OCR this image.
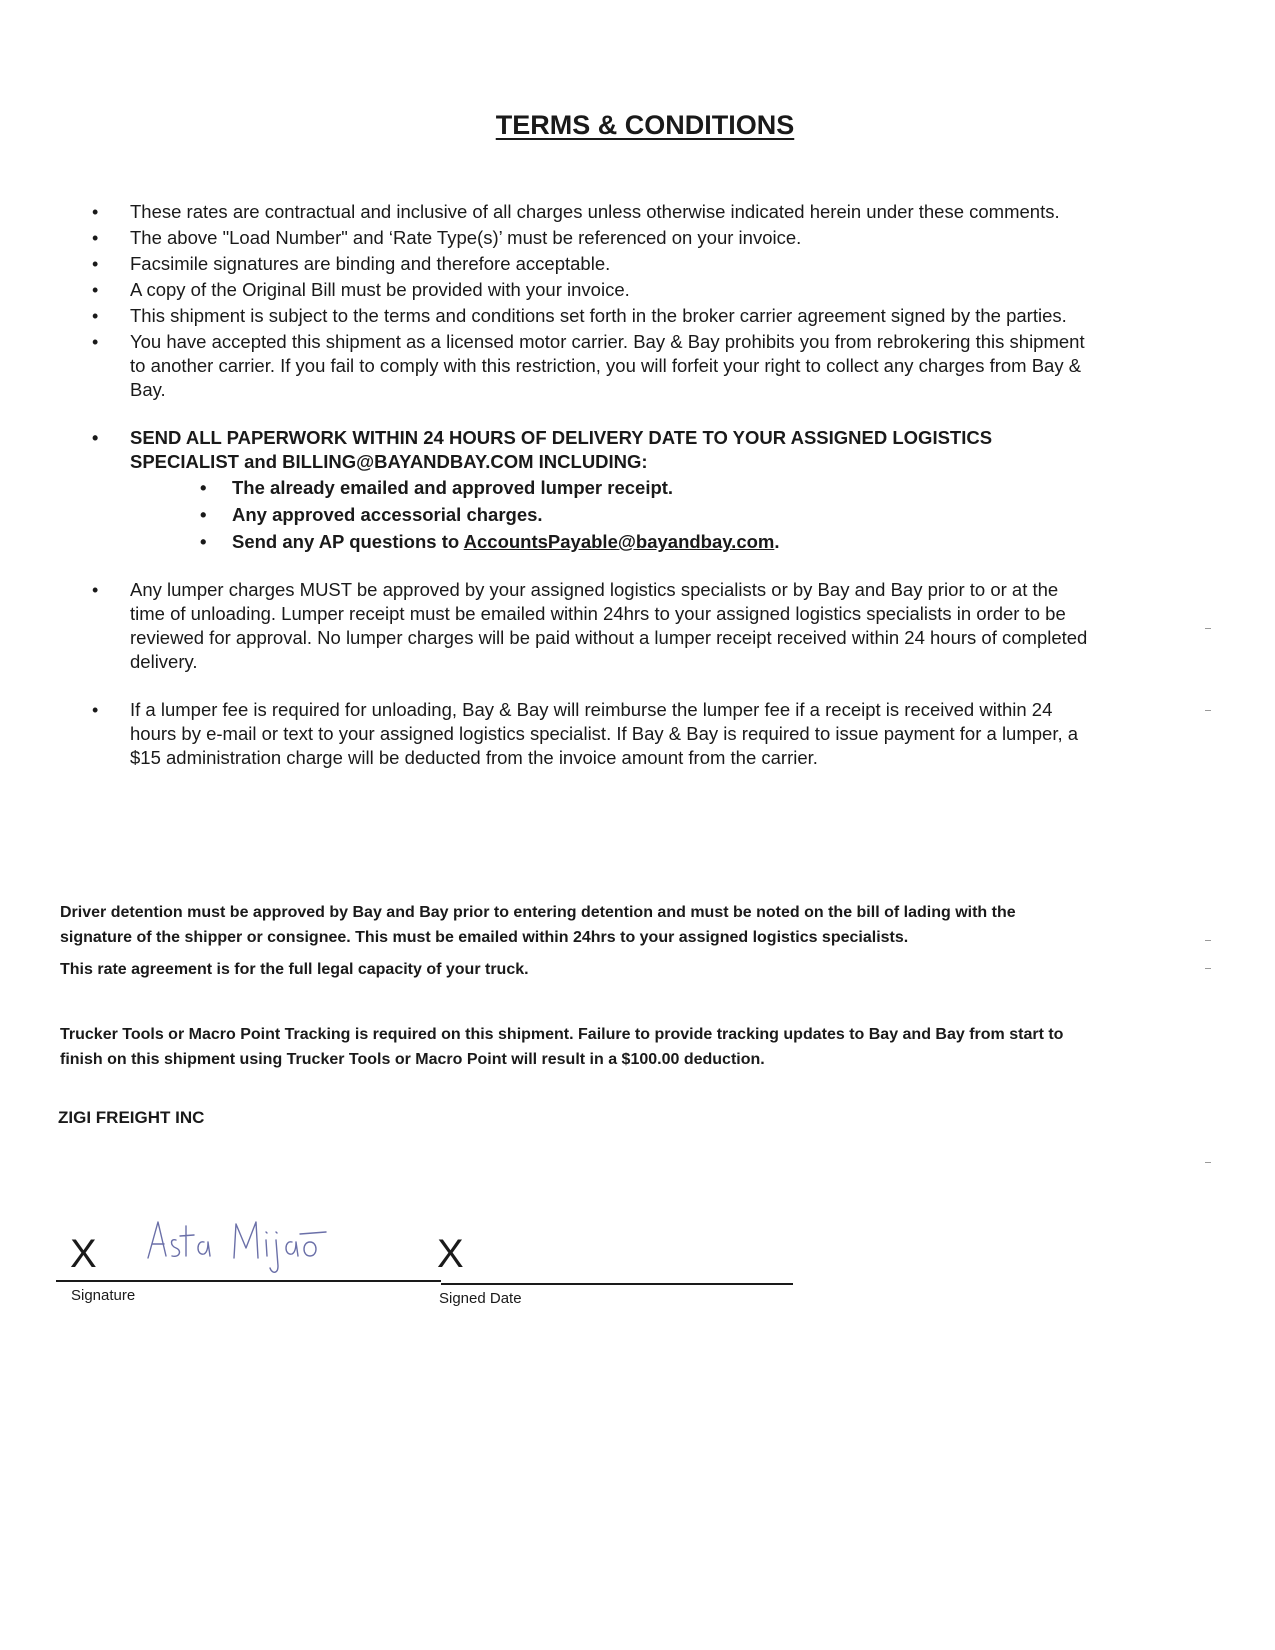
TERMS & CONDITIONS
• These rates are contractual and inclusive of all charges unless otherwise indicated herein under these comments.
• The above "Load Number" and ‘Rate Type(s)’ must be referenced on your invoice.
• Facsimile signatures are binding and therefore acceptable.
• A copy of the Original Bill must be provided with your invoice.
• This shipment is subject to the terms and conditions set forth in the broker carrier agreement signed by the parties.
• You have accepted this shipment as a licensed motor carrier. Bay & Bay prohibits you from rebrokering this shipment to another carrier. If you fail to comply with this restriction, you will forfeit your right to collect any charges from Bay & Bay.
• SEND ALL PAPERWORK WITHIN 24 HOURS OF DELIVERY DATE TO YOUR ASSIGNED LOGISTICS SPECIALIST and BILLING@BAYANDBAY.COM INCLUDING:
• The already emailed and approved lumper receipt.
• Any approved accessorial charges.
• Send any AP questions to AccountsPayable@bayandbay.com.
• Any lumper charges MUST be approved by your assigned logistics specialists or by Bay and Bay prior to or at the time of unloading. Lumper receipt must be emailed within 24hrs to your assigned logistics specialists in order to be reviewed for approval. No lumper charges will be paid without a lumper receipt received within 24 hours of completed delivery.
• If a lumper fee is required for unloading, Bay & Bay will reimburse the lumper fee if a receipt is received within 24 hours by e-mail or text to your assigned logistics specialist. If Bay & Bay is required to issue payment for a lumper, a $15 administration charge will be deducted from the invoice amount from the carrier.
Driver detention must be approved by Bay and Bay prior to entering detention and must be noted on the bill of lading with the signature of the shipper or consignee. This must be emailed within 24hrs to your assigned logistics specialists.
This rate agreement is for the full legal capacity of your truck.
Trucker Tools or Macro Point Tracking is required on this shipment. Failure to provide tracking updates to Bay and Bay from start to finish on this shipment using Trucker Tools or Macro Point will result in a $100.00 deduction.
ZIGI FREIGHT INC
X
Signature
X
Signed Date
